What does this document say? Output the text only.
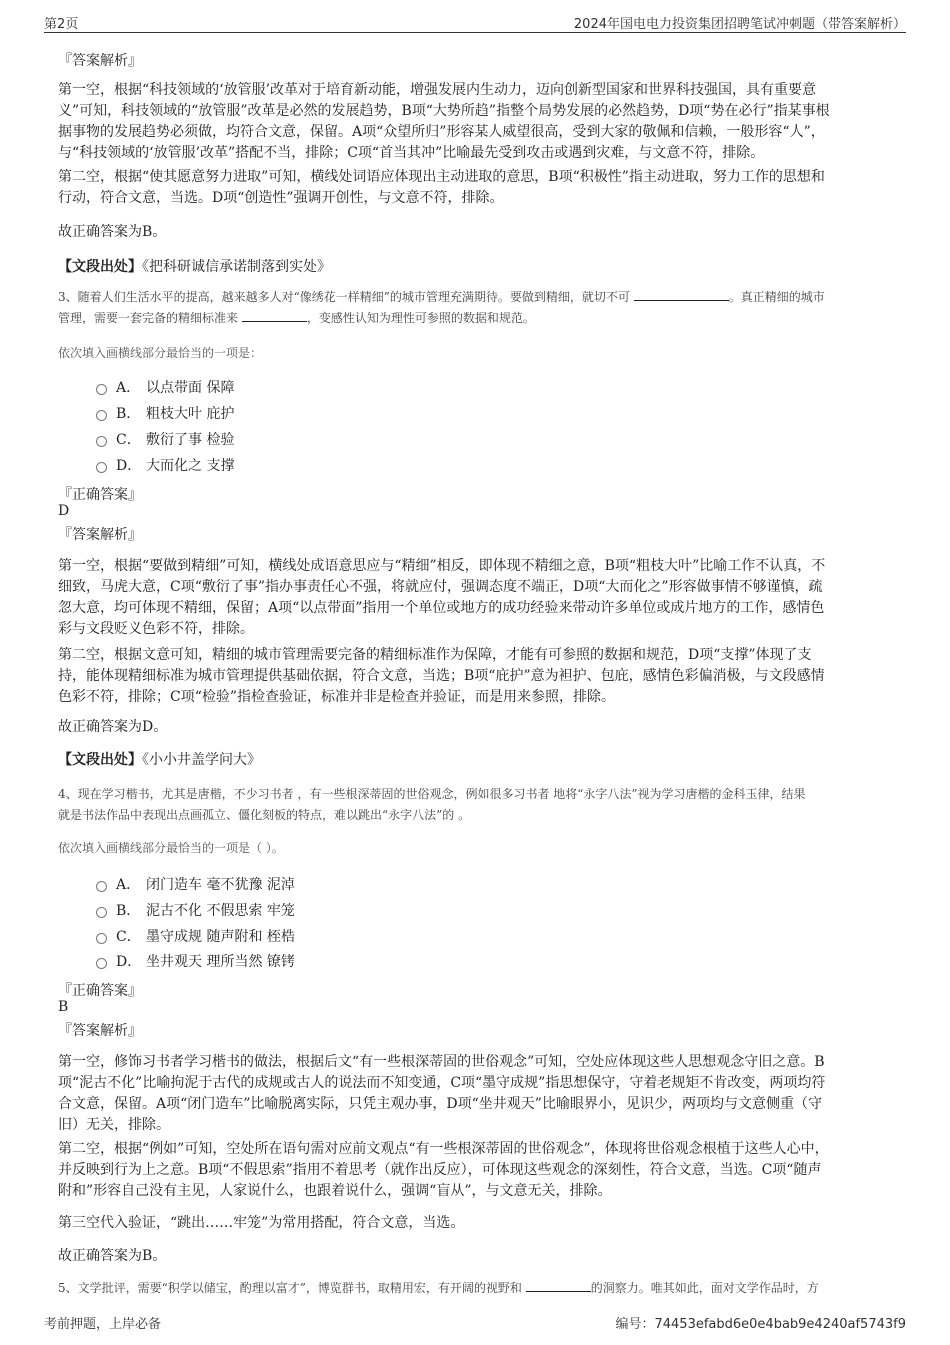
第2页	2024年国电电力投资集团招聘笔试冲刺题（带答案解析）
『答案解析』
第一空，根据“科技领域的‘放管服’改革对于培育新动能，增强发展内生动力，迈向创新型国家和世界科技强国，具有重要意
义”可知，科技领域的“放管服”改革是必然的发展趋势，B项“大势所趋”指整个局势发展的必然趋势，D项“势在必行”指某事根
据事物的发展趋势必须做，均符合文意，保留。A项“众望所归”形容某人威望很高，受到大家的敬佩和信赖，一般形容“人”，
与“科技领域的‘放管服’改革”搭配不当，排除；C项“首当其冲”比喻最先受到攻击或遇到灾难，与文意不符，排除。
第二空，根据“使其愿意努力进取”可知，横线处词语应体现出主动进取的意思，B项“积极性”指主动进取，努力工作的思想和
行动，符合文意，当选。D项“创造性”强调开创性，与文意不符，排除。
故正确答案为B。
【文段出处】《把科研诚信承诺制落到实处》
3、随着人们生活水平的提高，越来越多人对“像绣花一样精细”的城市管理充满期待。要做到精细，就切不可	。真正精细的城市
管理，需要一套完备的精细标准来	，变感性认知为理性可参照的数据和规范。
依次填入画横线部分最恰当的一项是：
A． 以点带面 保障
B． 粗枝大叶 庇护
C． 敷衍了事 检验
D． 大而化之 支撑
『正确答案』
D
『答案解析』
第一空，根据“要做到精细”可知，横线处成语意思应与“精细”相反，即体现不精细之意，B项“粗枝大叶”比喻工作不认真，不
细致，马虎大意，C项“敷衍了事”指办事责任心不强，将就应付，强调态度不端正，D项“大而化之”形容做事情不够谨慎，疏
忽大意，均可体现不精细，保留；A项“以点带面”指用一个单位或地方的成功经验来带动许多单位或成片地方的工作，感情色
彩与文段贬义色彩不符，排除。
第二空，根据文意可知，精细的城市管理需要完备的精细标准作为保障，才能有可参照的数据和规范，D项“支撑”体现了支
持，能体现精细标准为城市管理提供基础依据，符合文意，当选；B项“庇护”意为袒护、包庇，感情色彩偏消极，与文段感情
色彩不符，排除；C项“检验”指检查验证，标准并非是检查并验证，而是用来参照，排除。
故正确答案为D。
【文段出处】《小小井盖学问大》
4、现在学习楷书，尤其是唐楷，不少习书者 ，有一些根深蒂固的世俗观念，例如很多习书者 地将“永字八法”视为学习唐楷的金科玉律，结果
就是书法作品中表现出点画孤立、僵化刻板的特点，难以跳出“永字八法”的 。
依次填入画横线部分最恰当的一项是（ ）。
A． 闭门造车 毫不犹豫 泥淖
B． 泥古不化 不假思索 牢笼
C． 墨守成规 随声附和 桎梏
D． 坐井观天 理所当然 镣铐
『正确答案』
B
『答案解析』
第一空，修饰习书者学习楷书的做法，根据后文“有一些根深蒂固的世俗观念”可知，空处应体现这些人思想观念守旧之意。B
项“泥古不化”比喻拘泥于古代的成规或古人的说法而不知变通，C项“墨守成规”指思想保守，守着老规矩不肯改变，两项均符
合文意，保留。A项“闭门造车”比喻脱离实际，只凭主观办事，D项“坐井观天”比喻眼界小，见识少，两项均与文意侧重（守
旧）无关，排除。
第二空，根据“例如”可知，空处所在语句需对应前文观点“有一些根深蒂固的世俗观念”，体现将世俗观念根植于这些人心中，
并反映到行为上之意。B项“不假思索”指用不着思考（就作出反应），可体现这些观念的深刻性，符合文意，当选。C项“随声
附和”形容自己没有主见，人家说什么，也跟着说什么，强调“盲从”，与文意无关，排除。
第三空代入验证，“跳出……牢笼”为常用搭配，符合文意，当选。
故正确答案为B。
5、文学批评，需要“积学以储宝，酌理以富才”，博览群书，取精用宏，有开阔的视野和	的洞察力。唯其如此，面对文学作品时，方
考前押题，上岸必备	编号：74453efabd6e0e4bab9e4240af5743f9
